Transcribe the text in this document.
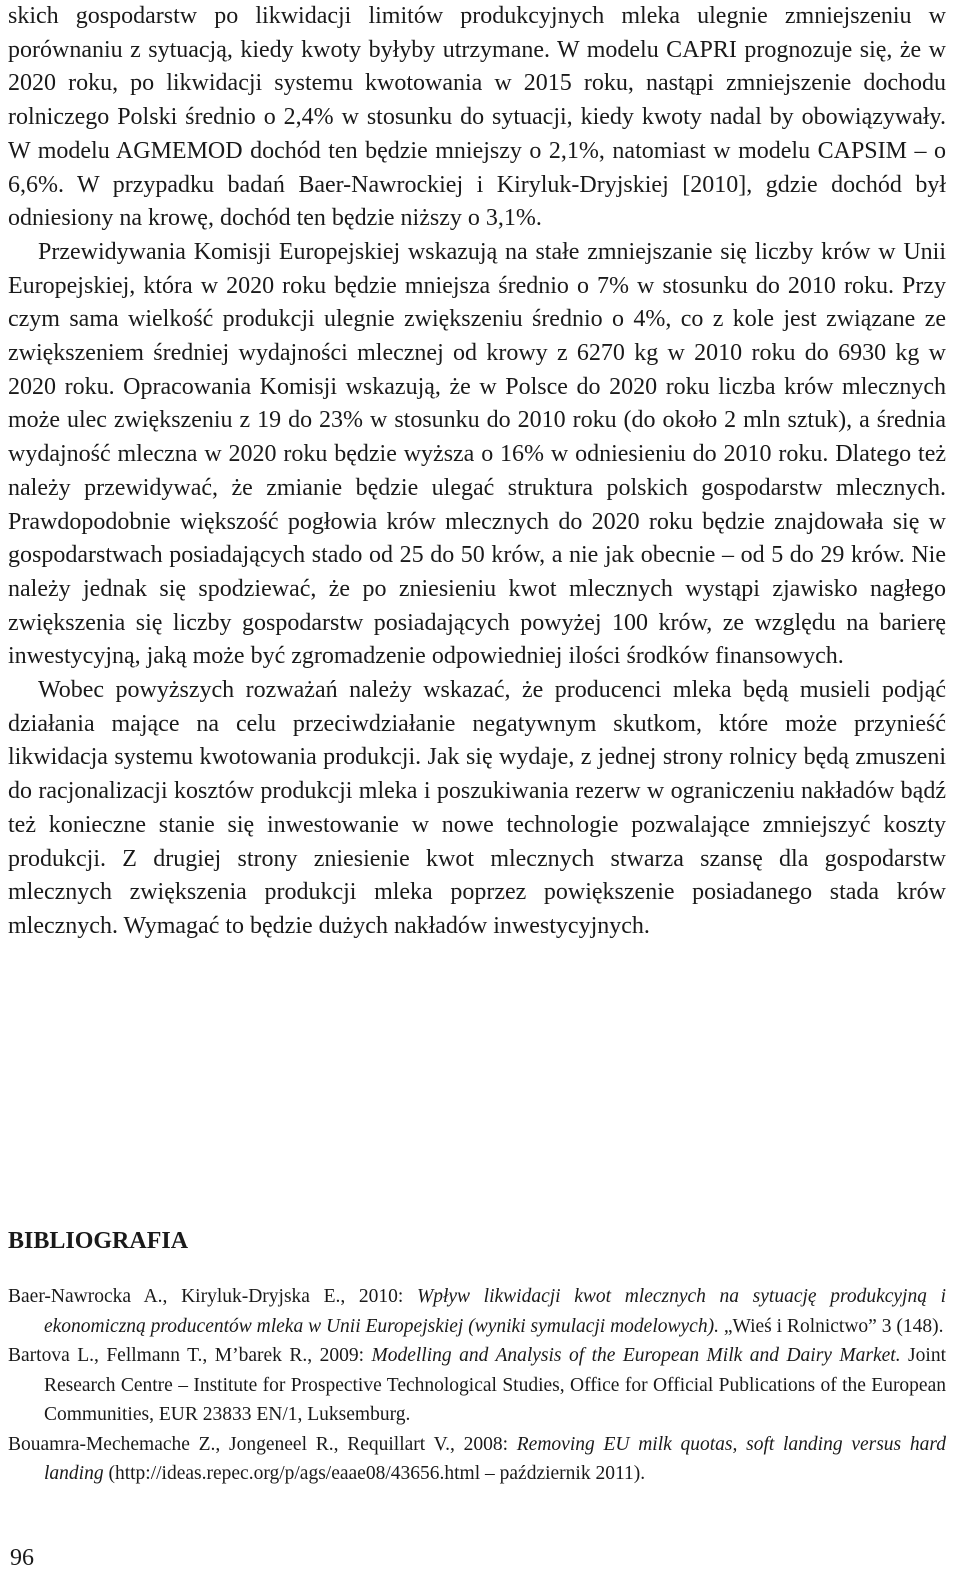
skich gospodarstw po likwidacji limitów produkcyjnych mleka ulegnie zmniejszeniu w porównaniu z sytuacją, kiedy kwoty byłyby utrzymane. W modelu CAPRI prognozuje się, że w 2020 roku, po likwidacji systemu kwotowania w 2015 roku, nastąpi zmniejszenie dochodu rolniczego Polski średnio o 2,4% w stosunku do sytuacji, kiedy kwoty nadal by obowiązywały. W modelu AGMEMOD dochód ten będzie mniejszy o 2,1%, natomiast w modelu CAPSIM – o 6,6%. W przypadku badań Baer-Nawrockiej i Kiryluk-Dryjskiej [2010], gdzie dochód był odniesiony na krowę, dochód ten będzie niższy o 3,1%.

Przewidywania Komisji Europejskiej wskazują na stałe zmniejszanie się liczby krów w Unii Europejskiej, która w 2020 roku będzie mniejsza średnio o 7% w stosunku do 2010 roku. Przy czym sama wielkość produkcji ulegnie zwiększeniu średnio o 4%, co z kole jest związane ze zwiększeniem średniej wydajności mlecznej od krowy z 6270 kg w 2010 roku do 6930 kg w 2020 roku. Opracowania Komisji wskazują, że w Polsce do 2020 roku liczba krów mlecznych może ulec zwiększeniu z 19 do 23% w stosunku do 2010 roku (do około 2 mln sztuk), a średnia wydajność mleczna w 2020 roku będzie wyższa o 16% w odniesieniu do 2010 roku. Dlatego też należy przewidywać, że zmianie będzie ulegać struktura polskich gospodarstw mlecznych. Prawdopodobnie większość pogłowia krów mlecznych do 2020 roku będzie znajdowała się w gospodarstwach posiadających stado od 25 do 50 krów, a nie jak obecnie – od 5 do 29 krów. Nie należy jednak się spodziewać, że po zniesieniu kwot mlecznych wystąpi zjawisko nagłego zwiększenia się liczby gospodarstw posiadających powyżej 100 krów, ze względu na barierę inwestycyjną, jaką może być zgromadzenie odpowiedniej ilości środków finansowych.

Wobec powyższych rozważań należy wskazać, że producenci mleka będą musieli podjąć działania mające na celu przeciwdziałanie negatywnym skutkom, które może przynieść likwidacja systemu kwotowania produkcji. Jak się wydaje, z jednej strony rolnicy będą zmuszeni do racjonalizacji kosztów produkcji mleka i poszukiwania rezerw w ograniczeniu nakładów bądź też konieczne stanie się inwestowanie w nowe technologie pozwalające zmniejszyć koszty produkcji. Z drugiej strony zniesienie kwot mlecznych stwarza szansę dla gospodarstw mlecznych zwiększenia produkcji mleka poprzez powiększenie posiadanego stada krów mlecznych. Wymagać to będzie dużych nakładów inwestycyjnych.

BIBLIOGRAFIA

Baer-Nawrocka A., Kiryluk-Dryjska E., 2010: Wpływ likwidacji kwot mlecznych na sytuację produkcyjną i ekonomiczną producentów mleka w Unii Europejskiej (wyniki symulacji modelowych). „Wieś i Rolnictwo” 3 (148).

Bartova L., Fellmann T., M’barek R., 2009: Modelling and Analysis of the European Milk and Dairy Market. Joint Research Centre – Institute for Prospective Technological Studies, Office for Official Publications of the European Communities, EUR 23833 EN/1, Luksemburg.

Bouamra-Mechemache Z., Jongeneel R., Requillart V., 2008: Removing EU milk quotas, soft landing versus hard landing (http://ideas.repec.org/p/ags/eaae08/43656.html – październik 2011).

96
